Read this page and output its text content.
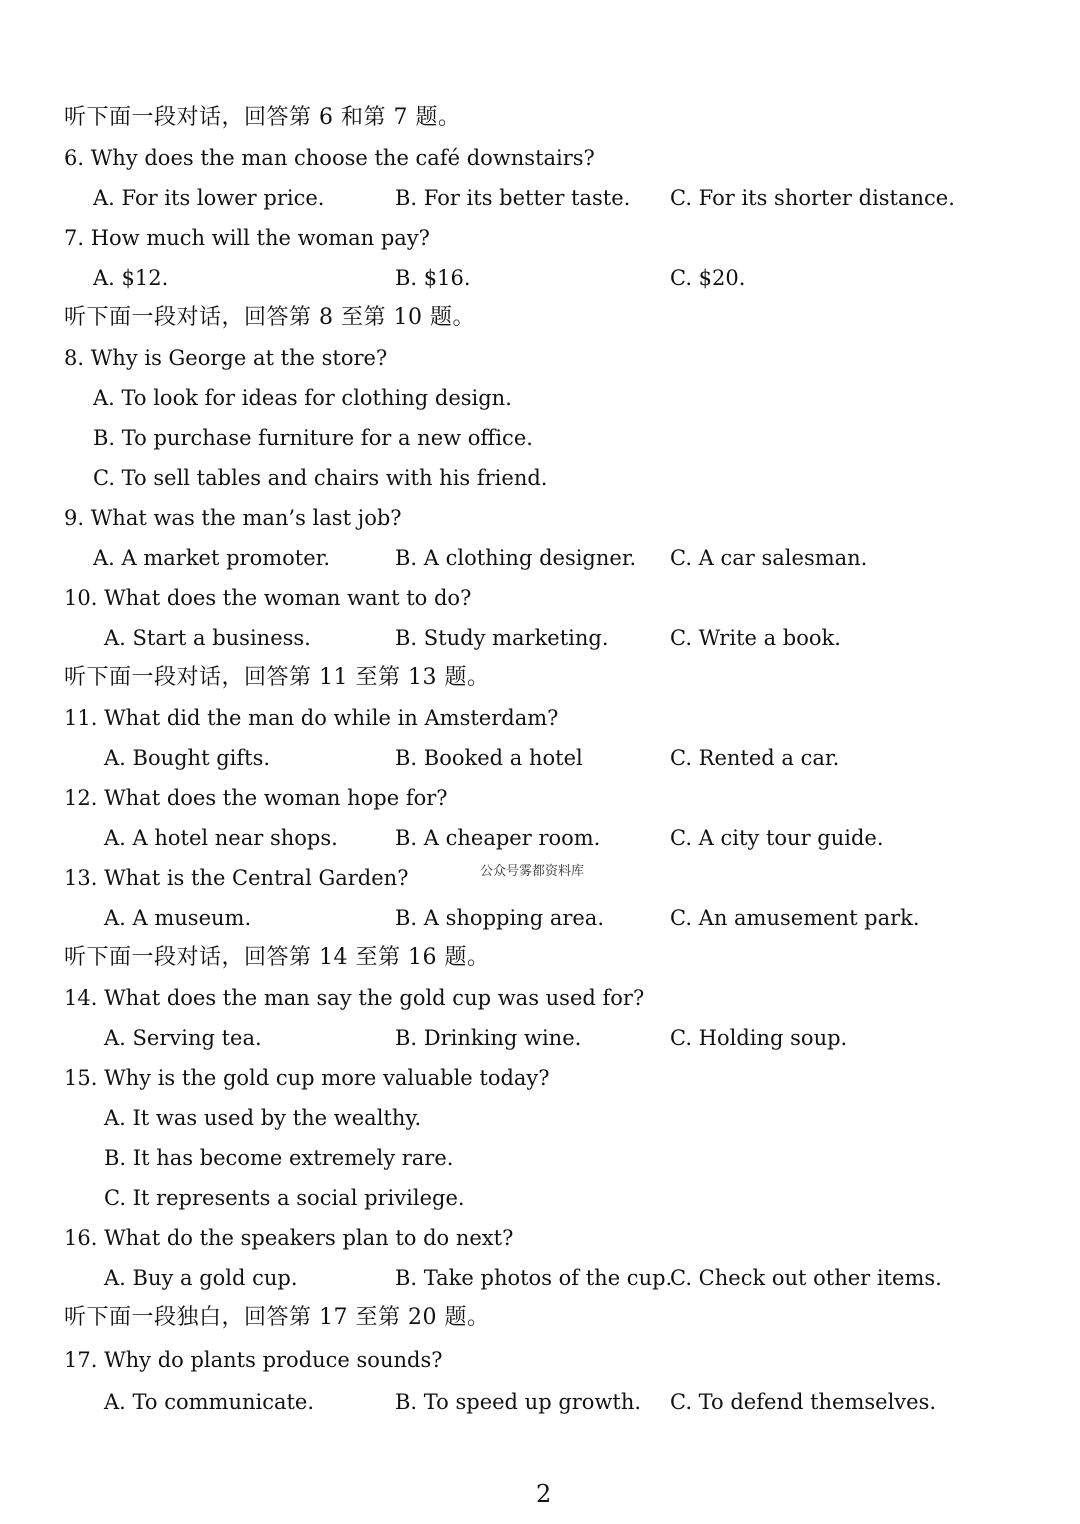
听下面一段对话，回答第 6 和第 7 题。
6. Why does the man choose the café downstairs?
A. For its lower price.	B. For its better taste. C. For its shorter distance.
7. How much will the woman pay?
A. $12.	B. $16.	C. $20.
听下面一段对话，回答第 8 至第 10 题。
8. Why is George at the store?
A. To look for ideas for clothing design.
B. To purchase furniture for a new office.
C. To sell tables and chairs with his friend.
9. What was the man’s last job?
A. A market promoter.	B. A clothing designer. C. A car salesman.
10. What does the woman want to do?
A. Start a business.	B. Study marketing.	C. Write a book.
听下面一段对话，回答第 11 至第 13 题。
11. What did the man do while in Amsterdam?
A. Bought gifts.	B. Booked a hotel	C. Rented a car.
12. What does the woman hope for?
A. A hotel near shops.	B. A cheaper room.	C. A city tour guide.
13. What is the Central Garden?	公众号雾都资料库
A. A museum.	B. A shopping area.	C. An amusement park.
听下面一段对话，回答第 14 至第 16 题。
14. What does the man say the gold cup was used for?
A. Serving tea.	B. Drinking wine.	C. Holding soup.
15. Why is the gold cup more valuable today?
A. It was used by the wealthy.
B. It has become extremely rare.
C. It represents a social privilege.
16. What do the speakers plan to do next?
A. Buy a gold cup.	B. Take photos of the cup.
C. Check out other items.
听下面一段独白，回答第 17 至第 20 题。
17. Why do plants produce sounds?
A. To communicate.	B. To speed up growth. C. To defend themselves.
2
